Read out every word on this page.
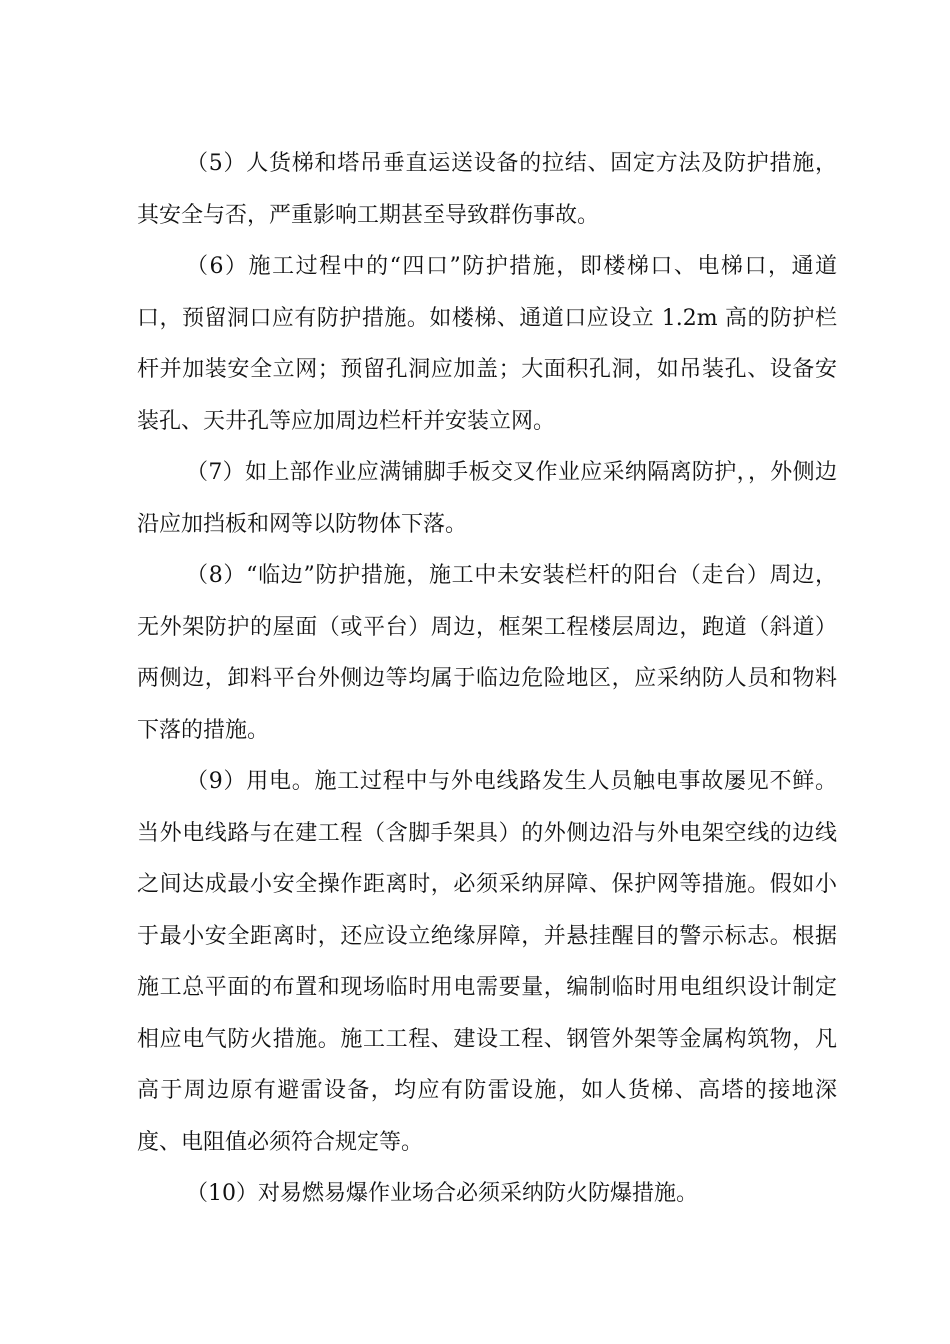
（5）人货梯和塔吊垂直运送设备的拉结、固定方法及防护措施，其安全与否，严重影响工期甚至导致群伤事故。

（6）施工过程中的“四口”防护措施，即楼梯口、电梯口，通道口，预留洞口应有防护措施。如楼梯、通道口应设立 1.2m 高的防护栏杆并加装安全立网；预留孔洞应加盖；大面积孔洞，如吊装孔、设备安装孔、天井孔等应加周边栏杆并安装立网。

（7）如上部作业应满铺脚手板交叉作业应采纳隔离防护，，外侧边沿应加挡板和网等以防物体下落。

（8）“临边”防护措施，施工中未安装栏杆的阳台（走台）周边，无外架防护的屋面（或平台）周边，框架工程楼层周边，跑道（斜道）两侧边，卸料平台外侧边等均属于临边危险地区，应采纳防人员和物料下落的措施。

（9）用电。施工过程中与外电线路发生人员触电事故屡见不鲜。当外电线路与在建工程（含脚手架具）的外侧边沿与外电架空线的边线之间达成最小安全操作距离时，必须采纳屏障、保护网等措施。假如小于最小安全距离时，还应设立绝缘屏障，并悬挂醒目的警示标志。根据施工总平面的布置和现场临时用电需要量，编制临时用电组织设计制定相应电气防火措施。施工工程、建设工程、钢管外架等金属构筑物，凡高于周边原有避雷设备，均应有防雷设施，如人货梯、高塔的接地深度、电阻值必须符合规定等。

（10）对易燃易爆作业场合必须采纳防火防爆措施。
